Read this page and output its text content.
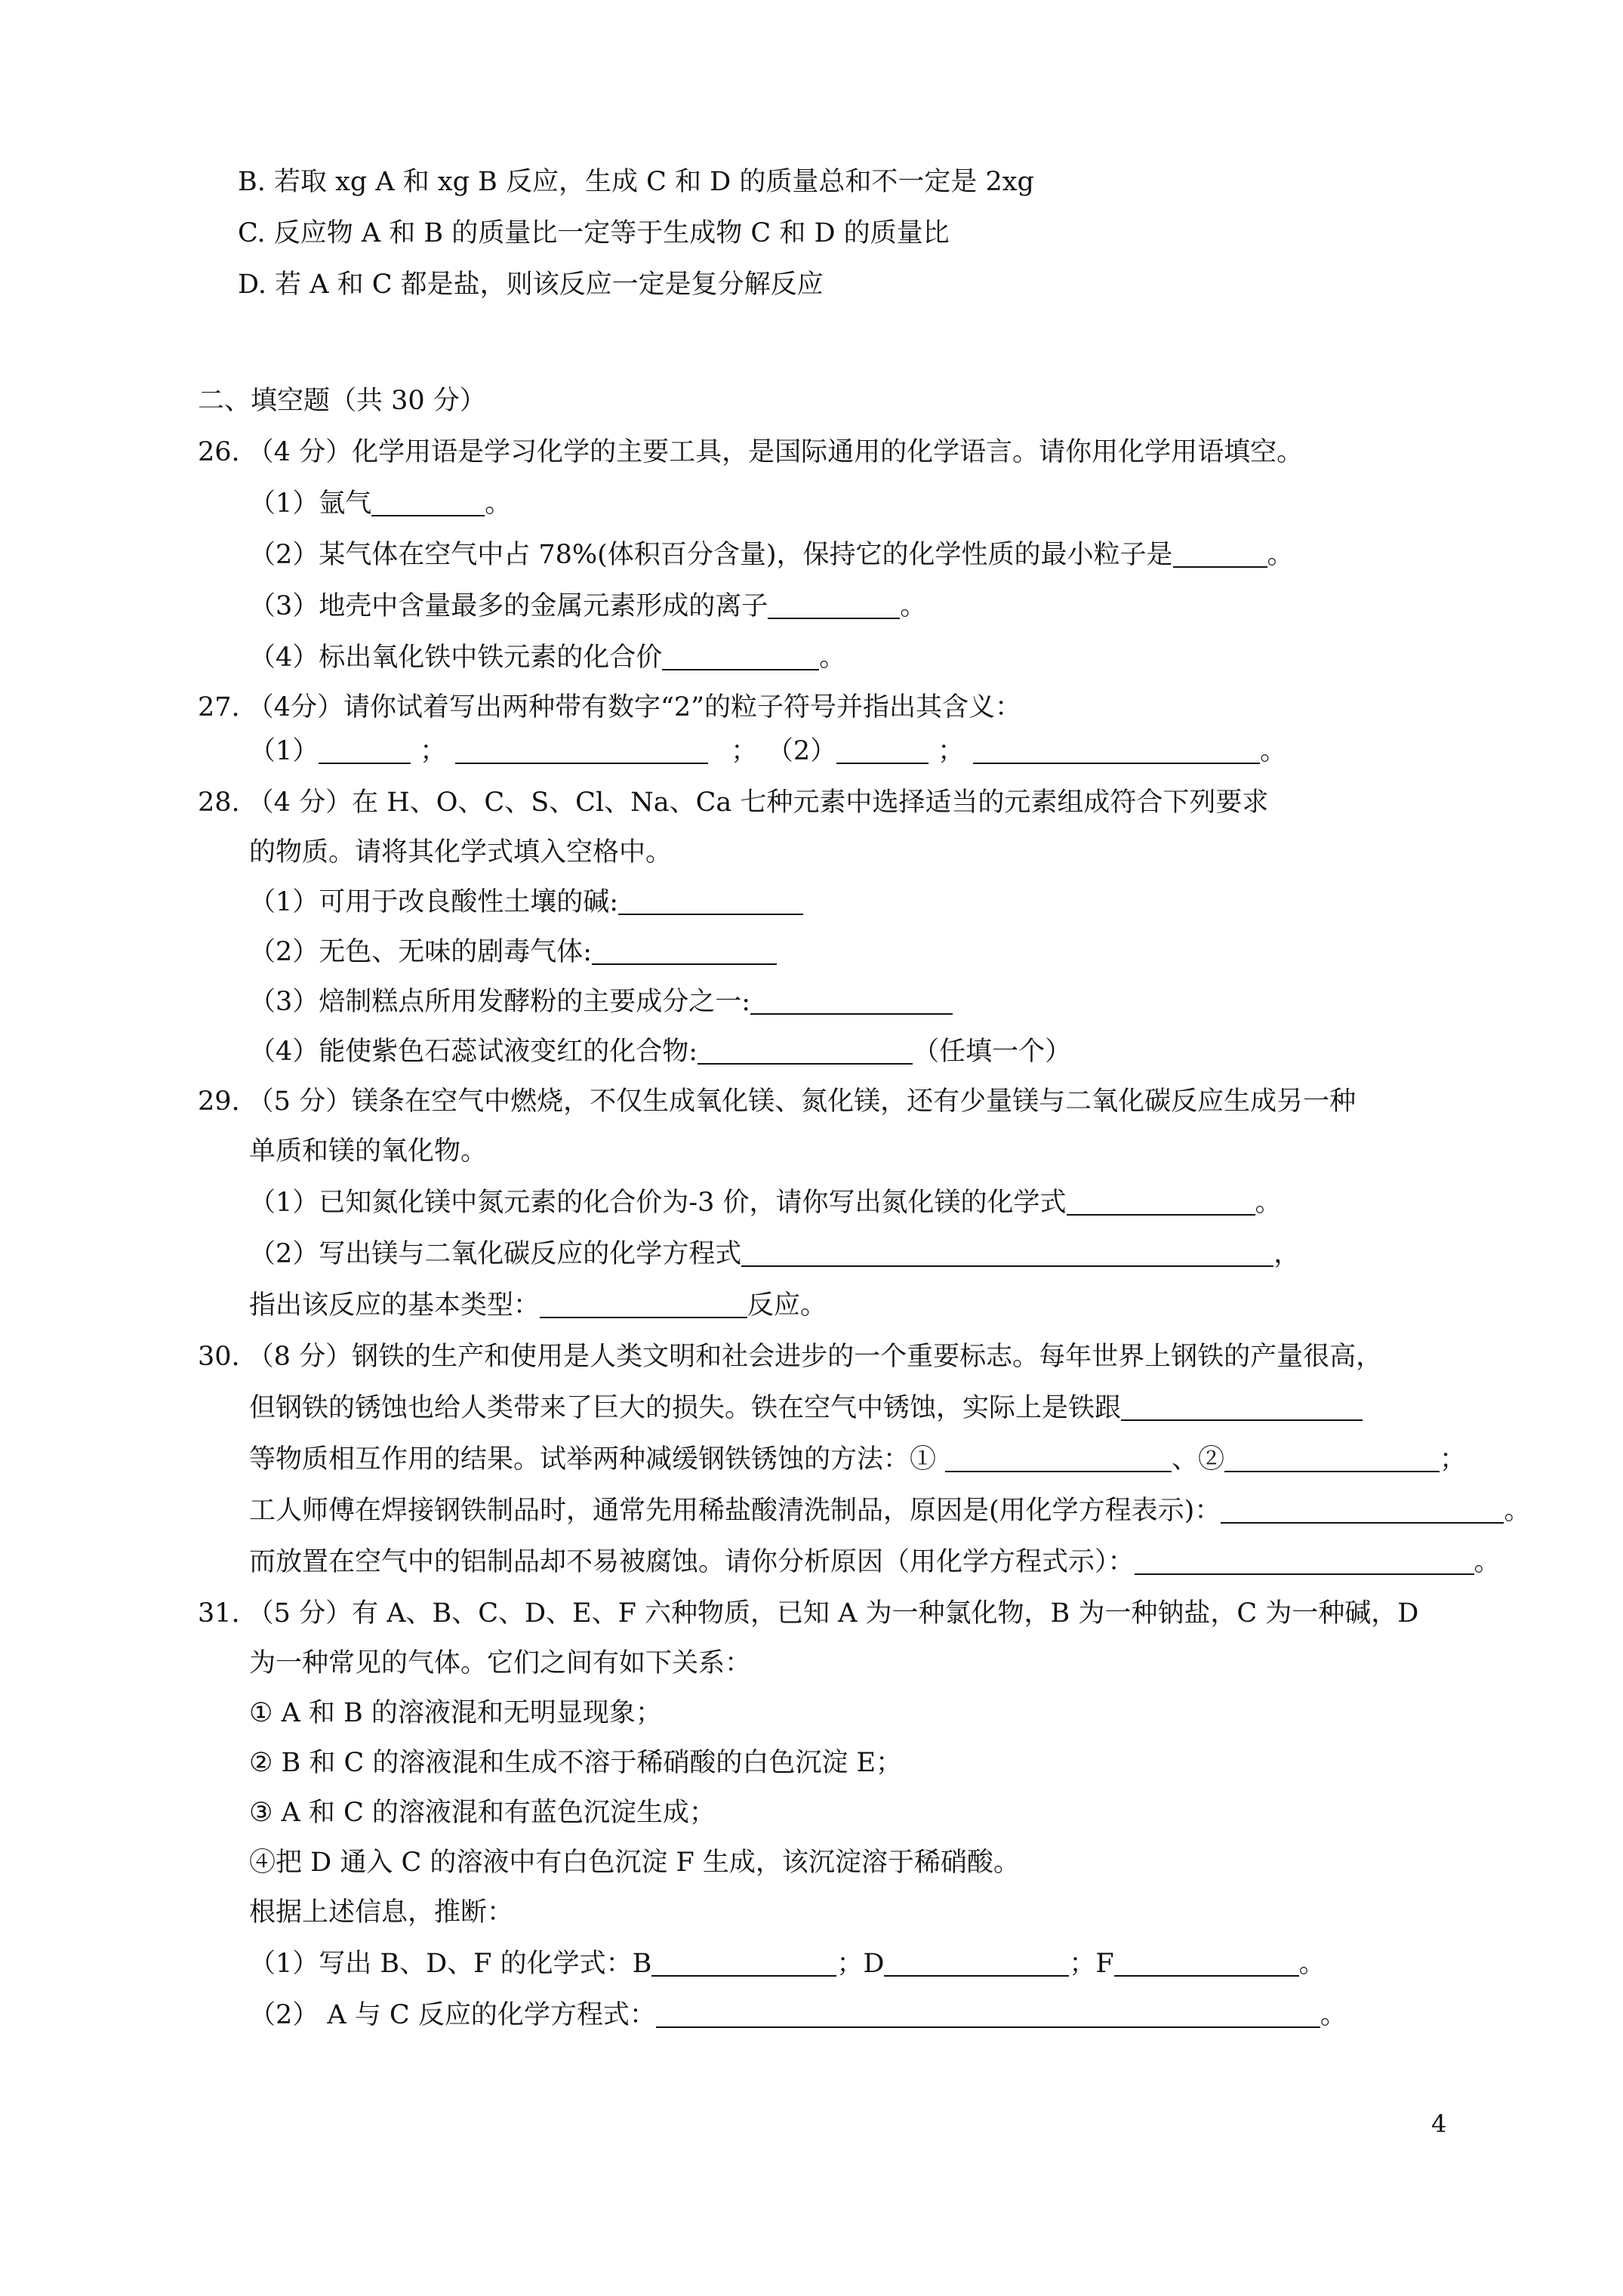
B. 若取 xg A 和 xg B 反应，生成 C 和 D 的质量总和不一定是 2xg
C. 反应物 A 和 B 的质量比一定等于生成物 C 和 D 的质量比
D. 若 A 和 C 都是盐，则该反应一定是复分解反应
二、填空题（共 30 分）
26. （4 分）化学用语是学习化学的主要工具，是国际通用的化学语言。请你用化学用语填空。
（1）氩气	。
（2）某气体在空气中占 78%(体积百分含量)，保持它的化学性质的最小粒子是	。
（3）地壳中含量最多的金属元素形成的离子	。
（4）标出氧化铁中铁元素的化合价	。
27. （4分）请你试着写出两种带有数字“2”的粒子符号并指出其含义：
（1）	；	； （2）	；	。
28. （4 分）在 H、O、C、S、Cl、Na、Ca 七种元素中选择适当的元素组成符合下列要求
的物质。请将其化学式填入空格中。
（1）可用于改良酸性土壤的碱:
（2）无色、无味的剧毒气体:
（3）焙制糕点所用发酵粉的主要成分之一:
（4）能使紫色石蕊试液变红的化合物:	（任填一个）
29. （5 分）镁条在空气中燃烧，不仅生成氧化镁、氮化镁，还有少量镁与二氧化碳反应生成另一种
单质和镁的氧化物。
（1）已知氮化镁中氮元素的化合价为-3 价，请你写出氮化镁的化学式	。
（2）写出镁与二氧化碳反应的化学方程式	，
指出该反应的基本类型：	反应。
30. （8 分）钢铁的生产和使用是人类文明和社会进步的一个重要标志。每年世界上钢铁的产量很高，
但钢铁的锈蚀也给人类带来了巨大的损失。铁在空气中锈蚀，实际上是铁跟
等物质相互作用的结果。试举两种减缓钢铁锈蚀的方法：①	、②	；
工人师傅在焊接钢铁制品时，通常先用稀盐酸清洗制品，原因是(用化学方程表示)：	。
而放置在空气中的铝制品却不易被腐蚀。请你分析原因（用化学方程式示）：	。
31. （5 分）有 A、B、C、D、E、F 六种物质，已知 A 为一种氯化物，B 为一种钠盐，C 为一种碱，D
为一种常见的气体。它们之间有如下关系：
① A 和 B 的溶液混和无明显现象；
② B 和 C 的溶液混和生成不溶于稀硝酸的白色沉淀 E；
③ A 和 C 的溶液混和有蓝色沉淀生成；
④把 D 通入 C 的溶液中有白色沉淀 F 生成，该沉淀溶于稀硝酸。
根据上述信息，推断：
（1）写出 B、D、F 的化学式：B	；D	；F	。
（2） A 与 C 反应的化学方程式：	。
4
